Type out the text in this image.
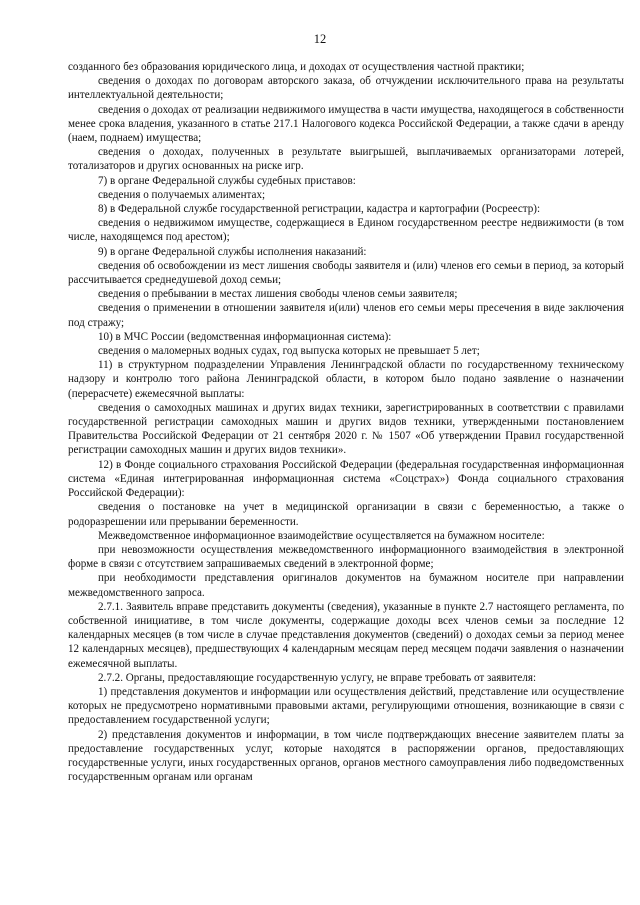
12

созданного без образования юридического лица, и доходах от осуществления частной практики;

сведения о доходах по договорам авторского заказа, об отчуждении исключительного права на результаты интеллектуальной деятельности;

сведения о доходах от реализации недвижимого имущества в части имущества, находящегося в собственности менее срока владения, указанного в статье 217.1 Налогового кодекса Российской Федерации, а также сдачи в аренду (наем, поднаем) имущества;

сведения о доходах, полученных в результате выигрышей, выплачиваемых организаторами лотерей, тотализаторов и других основанных на риске игр.

7) в органе Федеральной службы судебных приставов:

сведения о получаемых алиментах;

8) в Федеральной службе государственной регистрации, кадастра и картографии (Росреестр):

сведения о недвижимом имуществе, содержащиеся в Едином государственном реестре недвижимости (в том числе, находящемся под арестом);

9) в органе Федеральной службы исполнения наказаний:

сведения об освобождении из мест лишения свободы заявителя и (или) членов его семьи в период, за который рассчитывается среднедушевой доход семьи;

сведения о пребывании в местах лишения свободы членов семьи заявителя;

сведения о применении в отношении заявителя и(или) членов его семьи меры пресечения в виде заключения под стражу;

10) в МЧС России (ведомственная информационная система):

сведения о маломерных водных судах, год выпуска которых не превышает 5 лет;

11) в структурном подразделении Управления Ленинградской области по государственному техническому надзору и контролю того района Ленинградской области, в котором было подано заявление о назначении (перерасчете) ежемесячной выплаты:

сведения о самоходных машинах и других видах техники, зарегистрированных в соответствии с правилами государственной регистрации самоходных машин и других видов техники, утвержденными постановлением Правительства Российской Федерации от 21 сентября 2020 г. № 1507 «Об утверждении Правил государственной регистрации самоходных машин и других видов техники».

12) в Фонде социального страхования Российской Федерации (федеральная государственная информационная система «Единая интегрированная информационная система «Соцстрах») Фонда социального страхования Российской Федерации):

сведения о постановке на учет в медицинской организации в связи с беременностью, а также о родоразрешении или прерывании беременности.

Межведомственное информационное взаимодействие осуществляется на бумажном носителе:

при невозможности осуществления межведомственного информационного взаимодействия в электронной форме в связи с отсутствием запрашиваемых сведений в электронной форме;

при необходимости представления оригиналов документов на бумажном носителе при направлении межведомственного запроса.

2.7.1. Заявитель вправе представить документы (сведения), указанные в пункте 2.7 настоящего регламента, по собственной инициативе, в том числе документы, содержащие доходы всех членов семьи за последние 12 календарных месяцев (в том числе в случае представления документов (сведений) о доходах семьи за период менее 12 календарных месяцев), предшествующих 4 календарным месяцам перед месяцем подачи заявления о назначении ежемесячной выплаты.

2.7.2. Органы, предоставляющие государственную услугу, не вправе требовать от заявителя:

1) представления документов и информации или осуществления действий, представление или осуществление которых не предусмотрено нормативными правовыми актами, регулирующими отношения, возникающие в связи с предоставлением государственной услуги;

2) представления документов и информации, в том числе подтверждающих внесение заявителем платы за предоставление государственных услуг, которые находятся в распоряжении органов, предоставляющих государственные услуги, иных государственных органов, органов местного самоуправления либо подведомственных государственным органам или органам
